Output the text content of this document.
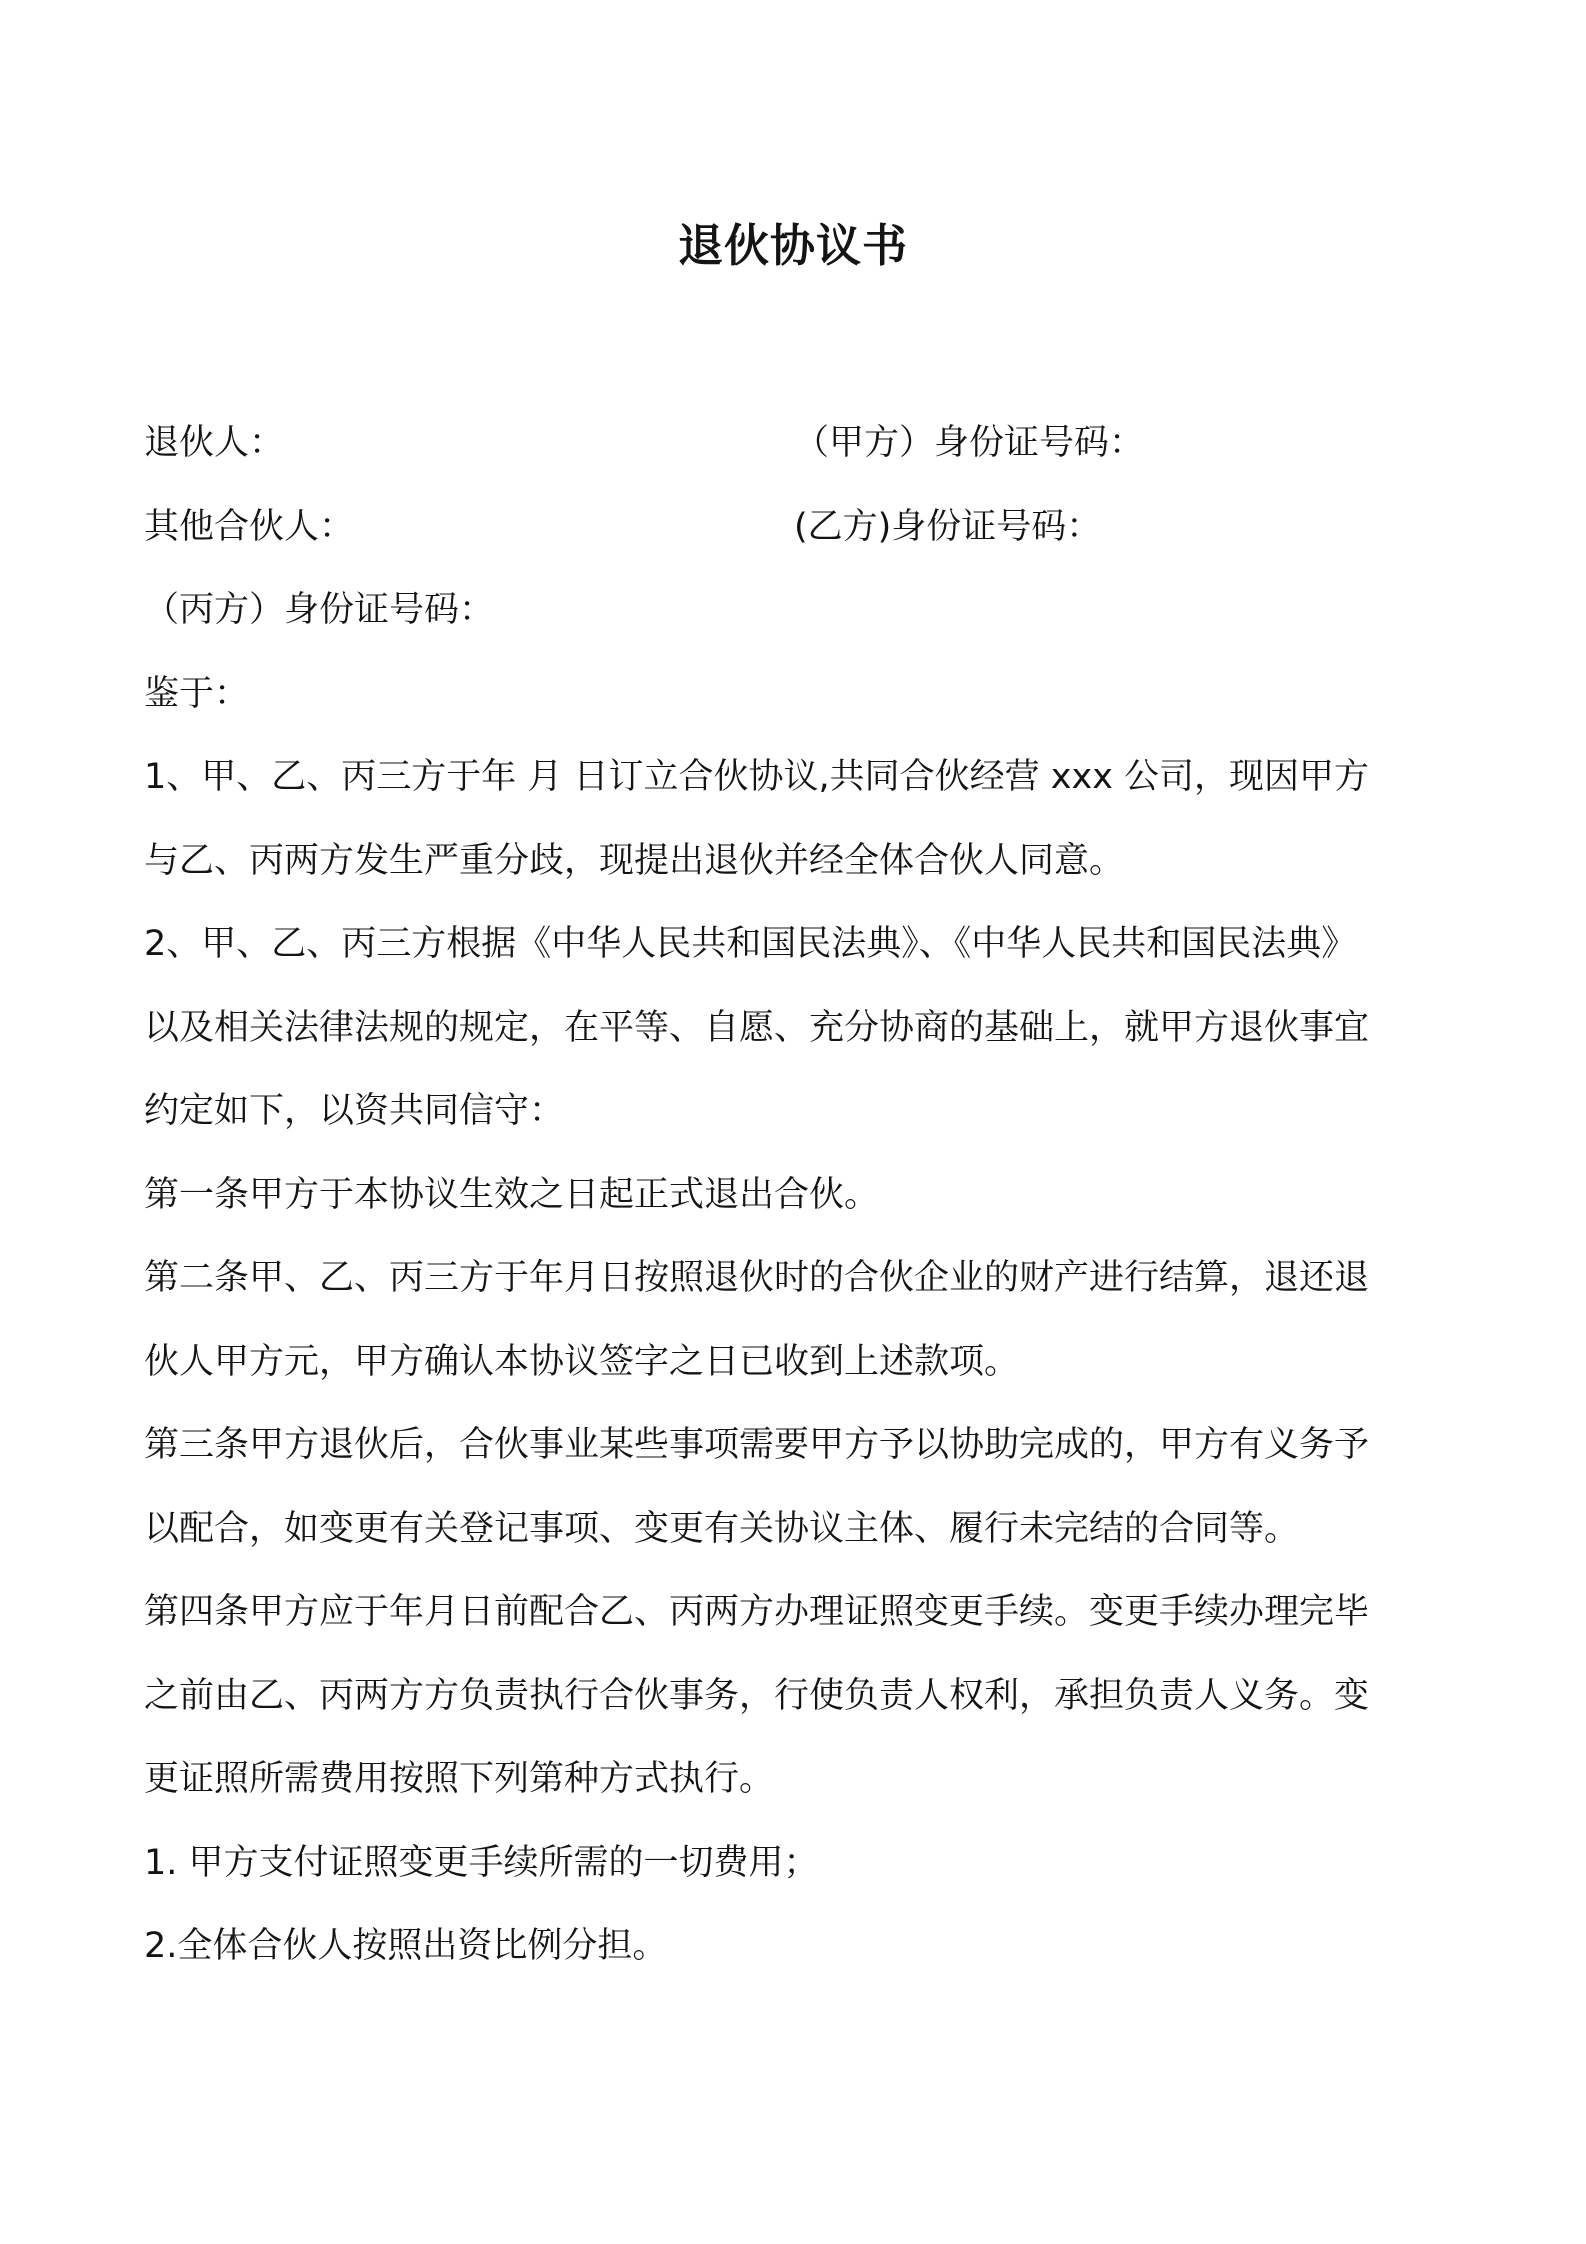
退伙协议书
退伙人：	（甲方）身份证号码：
其他合伙人：	(乙方)身份证号码：
（丙方）身份证号码：
鉴于：
1、甲、乙、丙三方于年 月 日订立合伙协议,共同合伙经营 xxx 公司，现因甲方
与乙、丙两方发生严重分歧，现提出退伙并经全体合伙人同意。
2、甲、乙、丙三方根据《中华人民共和国民法典》、《中华人民共和国民法典》
以及相关法律法规的规定，在平等、自愿、充分协商的基础上，就甲方退伙事宜
约定如下，以资共同信守：
第一条甲方于本协议生效之日起正式退出合伙。
第二条甲、乙、丙三方于年月日按照退伙时的合伙企业的财产进行结算，退还退
伙人甲方元，甲方确认本协议签字之日已收到上述款项。
第三条甲方退伙后，合伙事业某些事项需要甲方予以协助完成的，甲方有义务予
以配合，如变更有关登记事项、变更有关协议主体、履行未完结的合同等。
第四条甲方应于年月日前配合乙、丙两方办理证照变更手续。变更手续办理完毕
之前由乙、丙两方方负责执行合伙事务，行使负责人权利，承担负责人义务。变
更证照所需费用按照下列第种方式执行。
1. 甲方支付证照变更手续所需的一切费用；
2.全体合伙人按照出资比例分担。
